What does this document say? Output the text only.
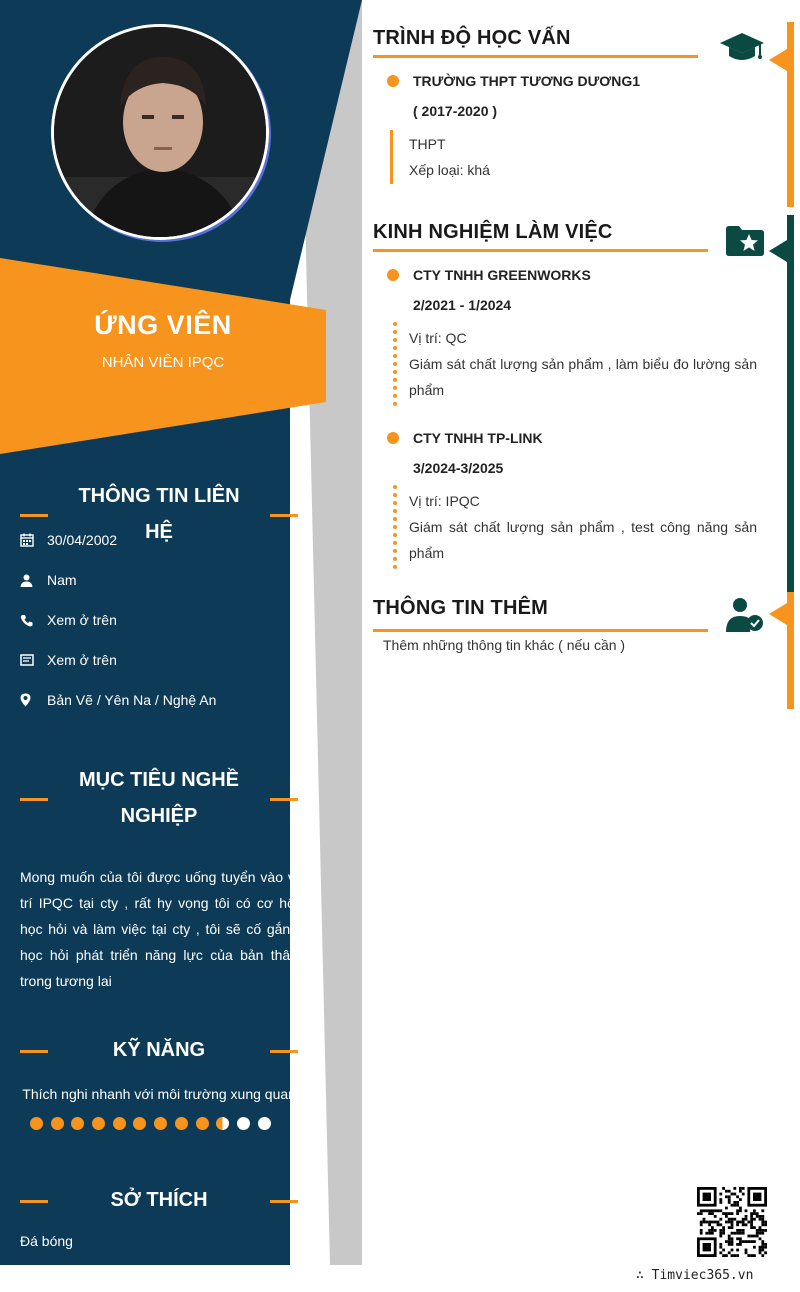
ỨNG VIÊN
NHÂN VIÊN IPQC
THÔNG TIN LIÊN HỆ
30/04/2002
Nam
Xem ở trên
Xem ở trên
Bản Vẽ / Yên Na / Nghệ An
MỤC TIÊU NGHỀ
NGHIỆP
Mong muốn của tôi được uống tuyển vào vị trí IPQC tại cty , rất hy vọng tôi có cơ hội học hỏi và làm việc tại cty , tôi sẽ cố gắng học hỏi phát triển năng lực của bản thân trong tương lai
KỸ NĂNG
Thích nghi nhanh với môi trường xung quanh
SỞ THÍCH
Đá bóng
TRÌNH ĐỘ HỌC VẤN
TRƯỜNG THPT TƯƠNG DƯƠNG1
( 2017-2020 )
THPT
Xếp loại: khá
KINH NGHIỆM LÀM VIỆC
CTY TNHH GREENWORKS
2/2021 - 1/2024
Vị trí: QC
Giám sát chất lượng sản phẩm , làm biểu đo lường sản phẩm
CTY TNHH TP-LINK
3/2024-3/2025
Vị trí: IPQC
Giám sát chất lượng sản phẩm , test công năng sản phẩm
THÔNG TIN THÊM
Thêm những thông tin khác ( nếu cần )
∴ Timviec365.vn
